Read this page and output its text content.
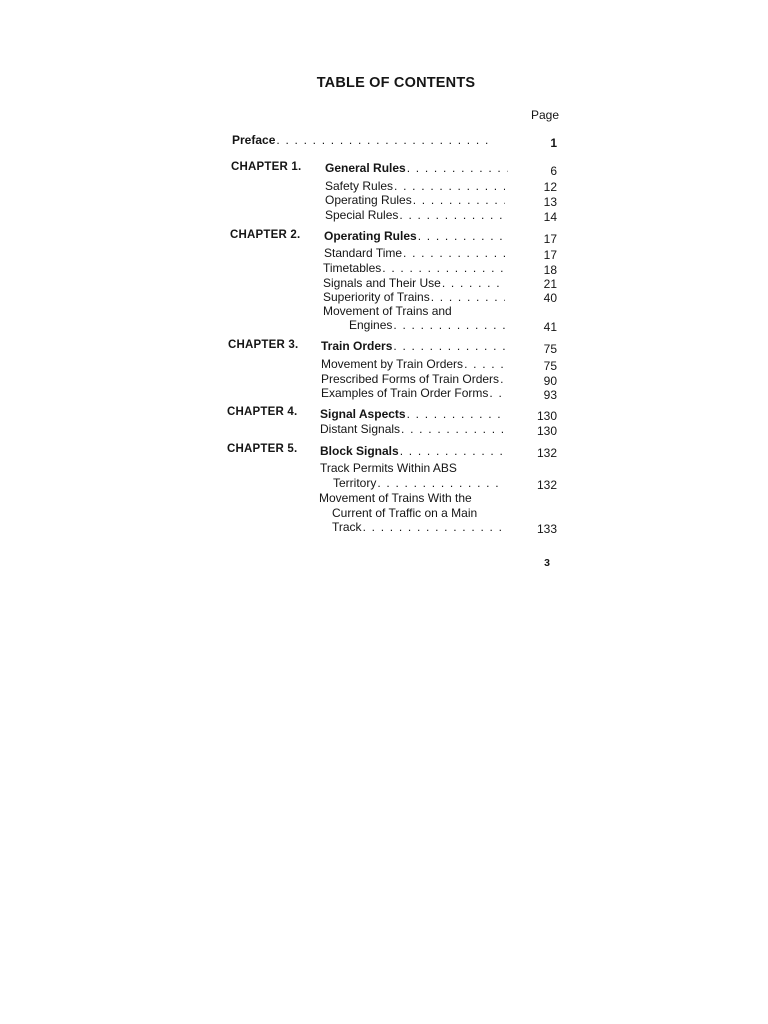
TABLE OF CONTENTS
Page
Preface . . .	1
CHAPTER 1. General Rules . . .	6
Safety Rules . . .	12
Operating Rules . . .	13
Special Rules . . .	14
CHAPTER 2. Operating Rules . . .	17
Standard Time . . .	17
Timetables . . .	18
Signals and Their Use . . .	21
Superiority of Trains . . .	40
Movement of Trains and
Engines . . .	41
CHAPTER 3. Train Orders . . .	75
Movement by Train Orders . . .	75
Prescribed Forms of Train Orders . . .	90
Examples of Train Order Forms . . .	93
CHAPTER 4. Signal Aspects . . .	130
Distant Signals . . .	130
CHAPTER 5. Block Signals . . .	132
Track Permits Within ABS
Territory . . .	132
Movement of Trains With the
Current of Traffic on a Main
Track . . .	133
3
